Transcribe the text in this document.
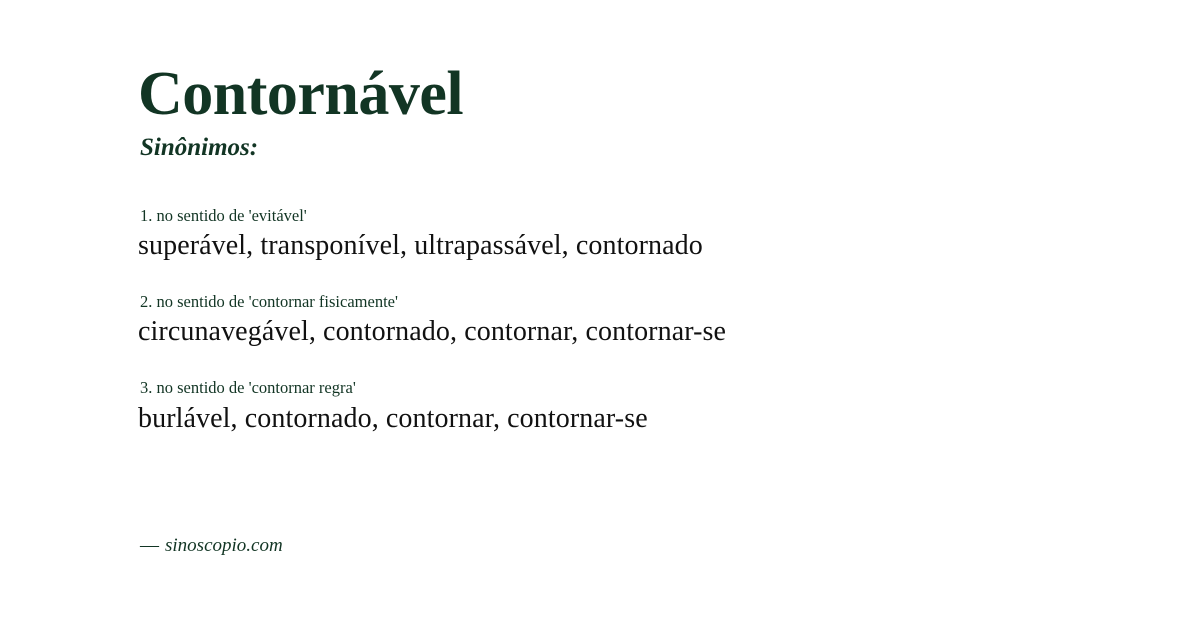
Contornável
Sinônimos:
1. no sentido de 'evitável'
superável, transponível, ultrapassável, contornado
2. no sentido de 'contornar fisicamente'
circunavegável, contornado, contornar, contornar-se
3. no sentido de 'contornar regra'
burlável, contornado, contornar, contornar-se
— sinoscopio.com
